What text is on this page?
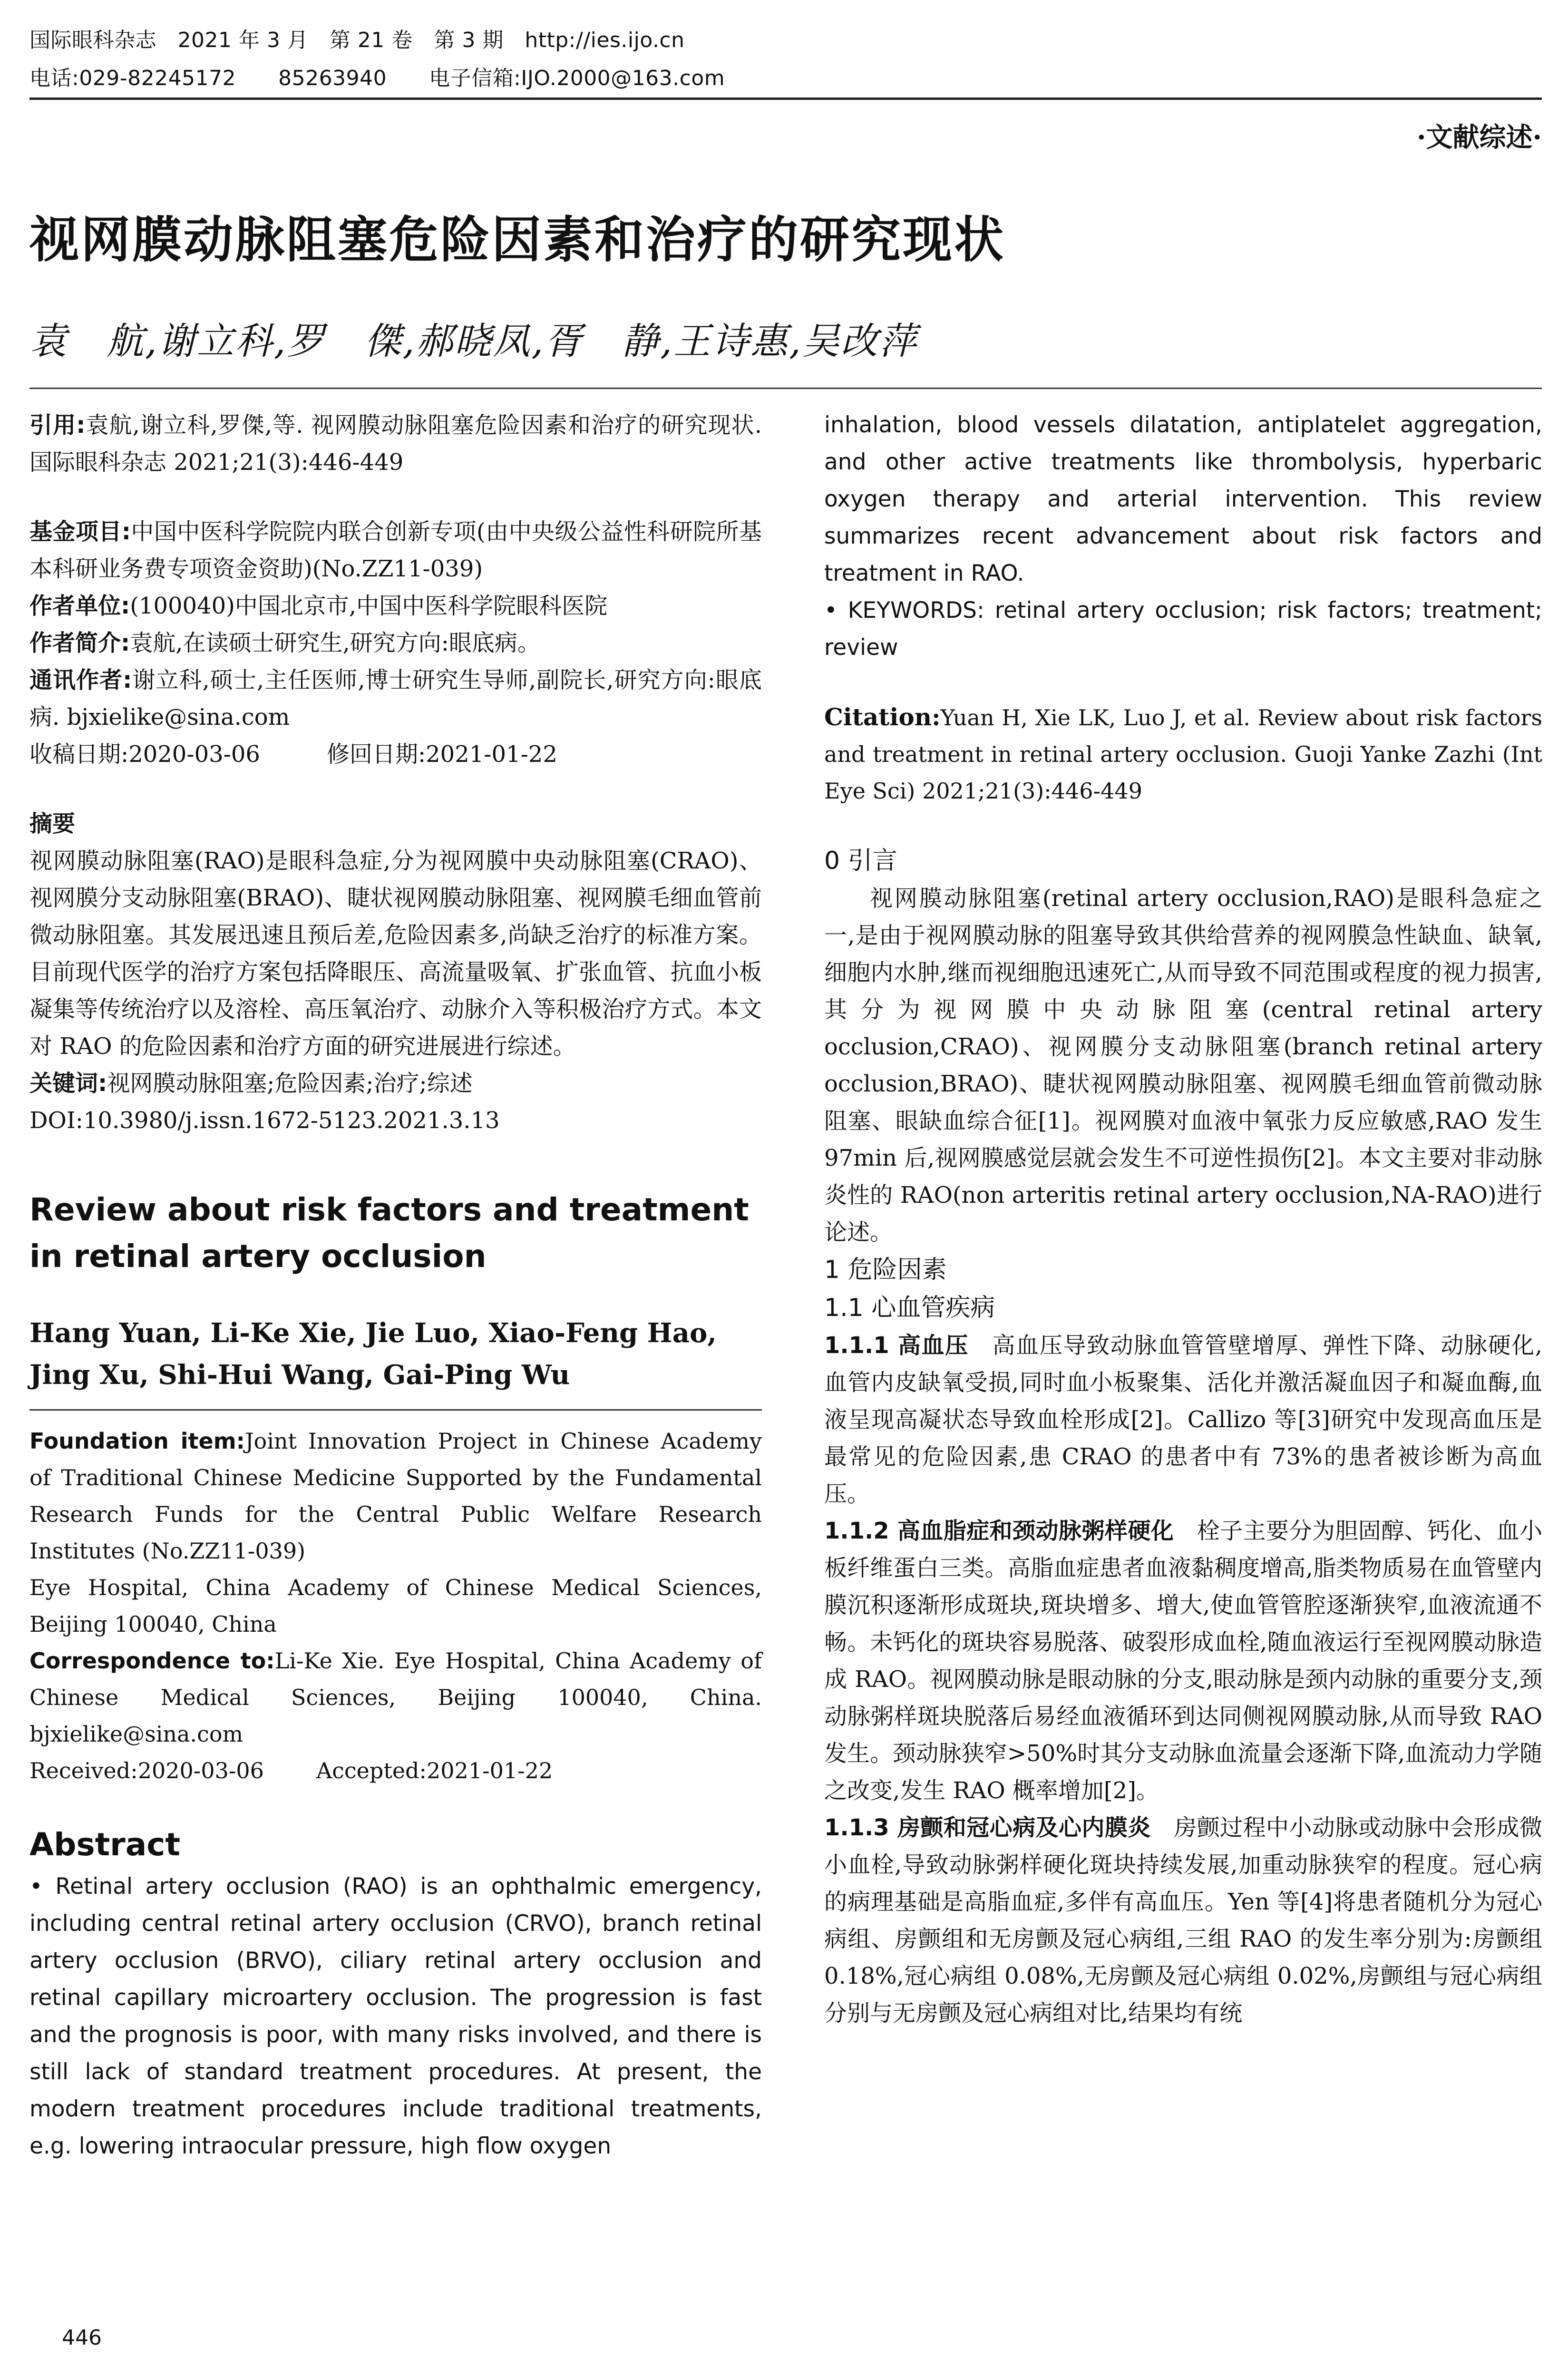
国际眼科杂志　2021 年 3 月　第 21 卷　第 3 期　http://ies.ijo.cn
电话:029-82245172　　85263940　　电子信箱:IJO.2000@163.com
·文献综述·
视网膜动脉阻塞危险因素和治疗的研究现状
袁　航,谢立科,罗　傑,郝晓凤,胥　静,王诗惠,吴改萍

引用:袁航,谢立科,罗傑,等. 视网膜动脉阻塞危险因素和治疗的研究现状. 国际眼科杂志 2021;21(3):446-449

基金项目:中国中医科学院院内联合创新专项(由中央级公益性科研院所基本科研业务费专项资金资助)(No.ZZ11-039)

作者单位:(100040)中国北京市,中国中医科学院眼科医院

作者简介:袁航,在读硕士研究生,研究方向:眼底病。

通讯作者:谢立科,硕士,主任医师,博士研究生导师,副院长,研究方向:眼底病. bjxielike@sina.com

收稿日期:2020-03-06	修回日期:2021-01-22

摘要

视网膜动脉阻塞(RAO)是眼科急症,分为视网膜中央动脉阻塞(CRAO)、视网膜分支动脉阻塞(BRAO)、睫状视网膜动脉阻塞、视网膜毛细血管前微动脉阻塞。其发展迅速且预后差,危险因素多,尚缺乏治疗的标准方案。目前现代医学的治疗方案包括降眼压、高流量吸氧、扩张血管、抗血小板凝集等传统治疗以及溶栓、高压氧治疗、动脉介入等积极治疗方式。本文对 RAO 的危险因素和治疗方面的研究进展进行综述。

关键词:视网膜动脉阻塞;危险因素;治疗;综述

DOI:10.3980/j.issn.1672-5123.2021.3.13

Review about risk factors and treatment in retinal artery occlusion

Hang Yuan, Li-Ke Xie, Jie Luo, Xiao-Feng Hao, Jing Xu, Shi-Hui Wang, Gai-Ping Wu

Foundation item:Joint Innovation Project in Chinese Academy of Traditional Chinese Medicine Supported by the Fundamental Research Funds for the Central Public Welfare Research Institutes (No.ZZ11-039)

Eye Hospital, China Academy of Chinese Medical Sciences, Beijing 100040, China

Correspondence to:Li-Ke Xie. Eye Hospital, China Academy of Chinese Medical Sciences, Beijing 100040, China. bjxielike@sina.com

Received:2020-03-06 Accepted:2021-01-22

Abstract

• Retinal artery occlusion (RAO) is an ophthalmic emergency, including central retinal artery occlusion (CRVO), branch retinal artery occlusion (BRVO), ciliary retinal artery occlusion and retinal capillary microartery occlusion. The progression is fast and the prognosis is poor, with many risks involved, and there is still lack of standard treatment procedures. At present, the modern treatment procedures include traditional treatments, e.g. lowering intraocular pressure, high flow oxygen

inhalation, blood vessels dilatation, antiplatelet aggregation, and other active treatments like thrombolysis, hyperbaric oxygen therapy and arterial intervention. This review summarizes recent advancement about risk factors and treatment in RAO.

• KEYWORDS: retinal artery occlusion; risk factors; treatment; review

Citation:Yuan H, Xie LK, Luo J, et al. Review about risk factors and treatment in retinal artery occlusion. Guoji Yanke Zazhi (Int Eye Sci) 2021;21(3):446-449

0 引言

视网膜动脉阻塞(retinal artery occlusion,RAO)是眼科急症之一,是由于视网膜动脉的阻塞导致其供给营养的视网膜急性缺血、缺氧,细胞内水肿,继而视细胞迅速死亡,从而导致不同范围或程度的视力损害,其分为视网膜中央动脉阻塞(central retinal artery occlusion,CRAO)、视网膜分支动脉阻塞(branch retinal artery occlusion,BRAO)、睫状视网膜动脉阻塞、视网膜毛细血管前微动脉阻塞、眼缺血综合征[1]。视网膜对血液中氧张力反应敏感,RAO 发生 97min 后,视网膜感觉层就会发生不可逆性损伤[2]。本文主要对非动脉炎性的 RAO(non arteritis retinal artery occlusion,NA-RAO)进行论述。

1 危险因素

1.1 心血管疾病

1.1.1 高血压 高血压导致动脉血管管壁增厚、弹性下降、动脉硬化,血管内皮缺氧受损,同时血小板聚集、活化并激活凝血因子和凝血酶,血液呈现高凝状态导致血栓形成[2]。Callizo 等[3]研究中发现高血压是最常见的危险因素,患 CRAO 的患者中有 73%的患者被诊断为高血压。

1.1.2 高血脂症和颈动脉粥样硬化 栓子主要分为胆固醇、钙化、血小板纤维蛋白三类。高脂血症患者血液黏稠度增高,脂类物质易在血管壁内膜沉积逐渐形成斑块,斑块增多、增大,使血管管腔逐渐狭窄,血液流通不畅。未钙化的斑块容易脱落、破裂形成血栓,随血液运行至视网膜动脉造成 RAO。视网膜动脉是眼动脉的分支,眼动脉是颈内动脉的重要分支,颈动脉粥样斑块脱落后易经血液循环到达同侧视网膜动脉,从而导致 RAO 发生。颈动脉狭窄>50%时其分支动脉血流量会逐渐下降,血流动力学随之改变,发生 RAO 概率增加[2]。

1.1.3 房颤和冠心病及心内膜炎 房颤过程中小动脉或动脉中会形成微小血栓,导致动脉粥样硬化斑块持续发展,加重动脉狭窄的程度。冠心病的病理基础是高脂血症,多伴有高血压。Yen 等[4]将患者随机分为冠心病组、房颤组和无房颤及冠心病组,三组 RAO 的发生率分别为:房颤组 0.18%,冠心病组 0.08%,无房颤及冠心病组 0.02%,房颤组与冠心病组分别与无房颤及冠心病组对比,结果均有统

446
